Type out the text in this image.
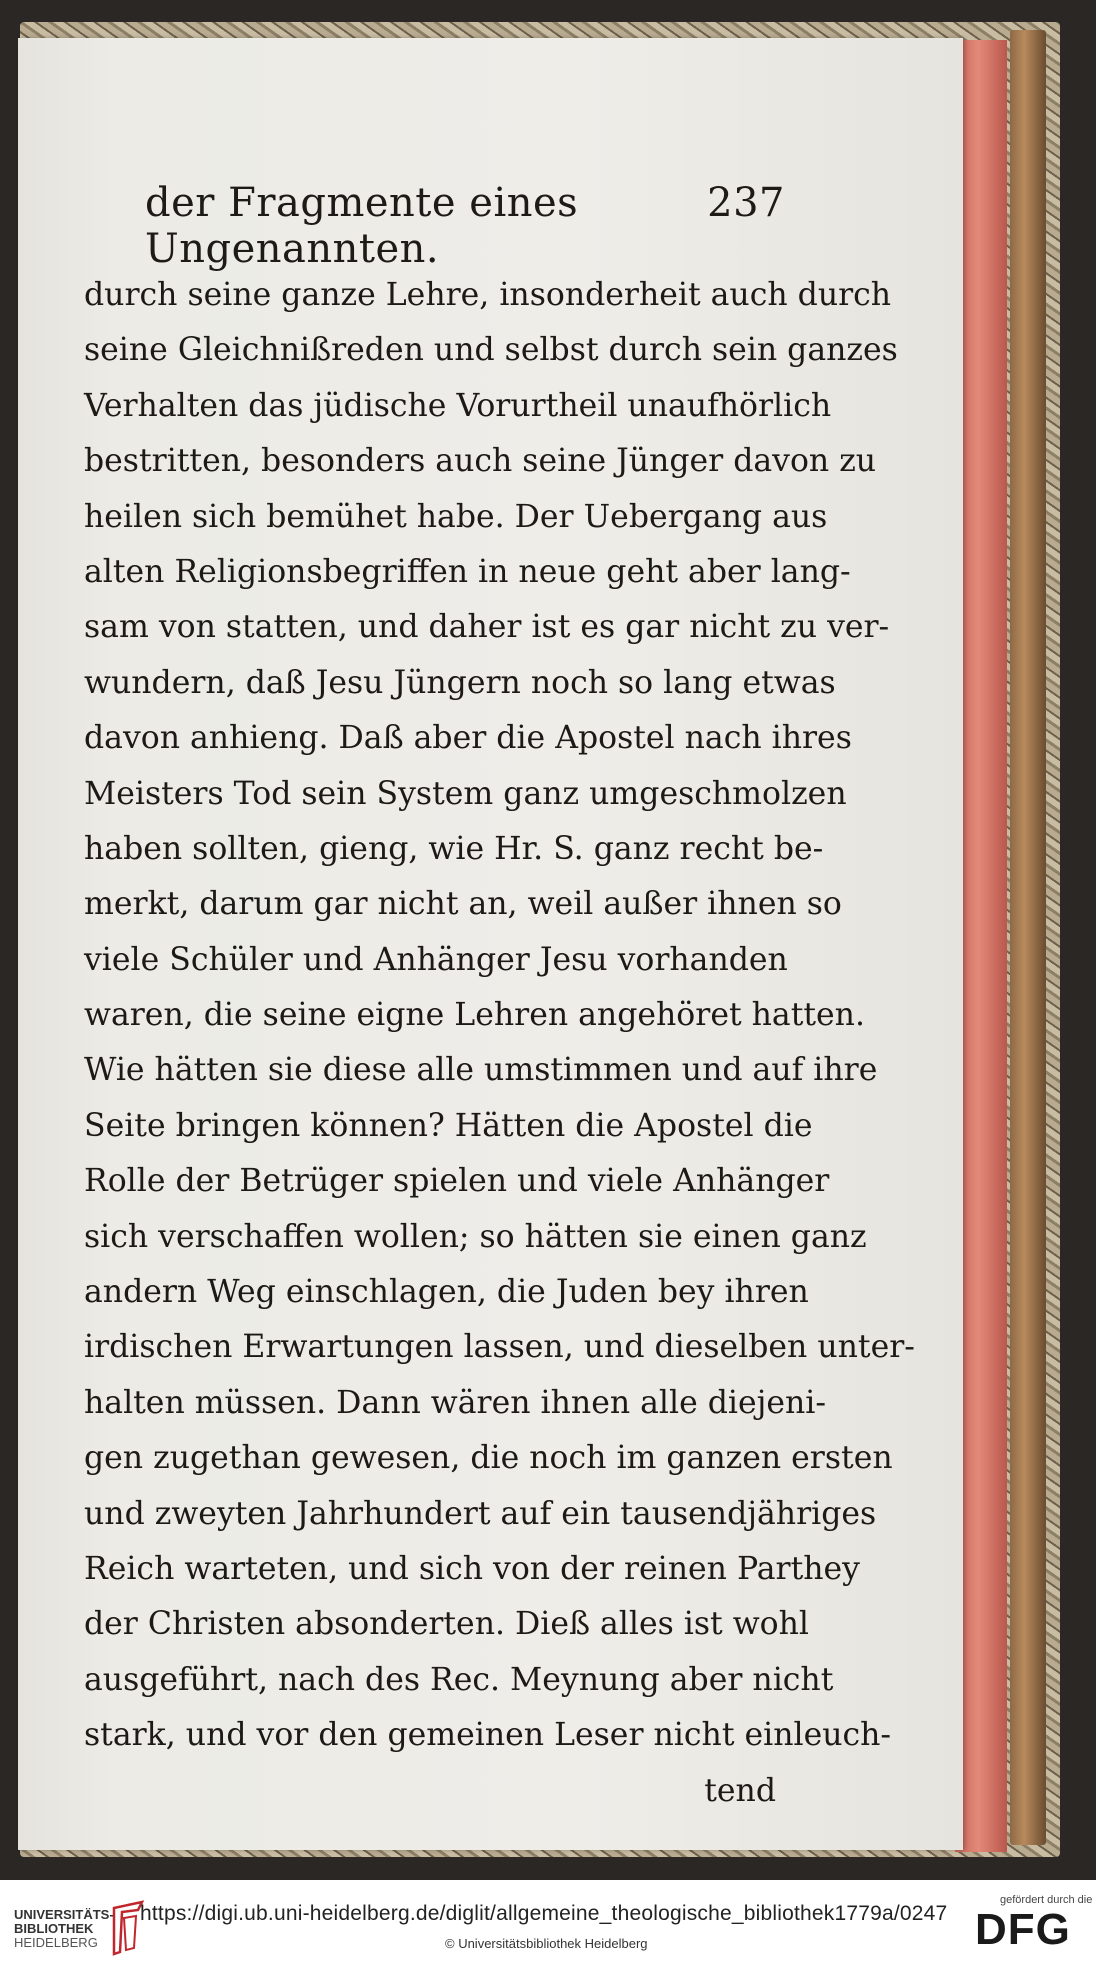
der Fragmente eines Ungenannten.
237
durch seine ganze Lehre, insonderheit auch durch
seine Gleichnißreden und selbst durch sein ganzes
Verhalten das jüdische Vorurtheil unaufhörlich
bestritten, besonders auch seine Jünger davon zu
heilen sich bemühet habe. Der Uebergang aus
alten Religionsbegriffen in neue geht aber lang-
sam von statten, und daher ist es gar nicht zu ver-
wundern, daß Jesu Jüngern noch so lang etwas
davon anhieng. Daß aber die Apostel nach ihres
Meisters Tod sein System ganz umgeschmolzen
haben sollten, gieng, wie Hr. S. ganz recht be-
merkt, darum gar nicht an, weil außer ihnen so
viele Schüler und Anhänger Jesu vorhanden
waren, die seine eigne Lehren angehöret hatten.
Wie hätten sie diese alle umstimmen und auf ihre
Seite bringen können? Hätten die Apostel die
Rolle der Betrüger spielen und viele Anhänger
sich verschaffen wollen; so hätten sie einen ganz
andern Weg einschlagen, die Juden bey ihren
irdischen Erwartungen lassen, und dieselben unter-
halten müssen. Dann wären ihnen alle diejeni-
gen zugethan gewesen, die noch im ganzen ersten
und zweyten Jahrhundert auf ein tausendjähriges
Reich warteten, und sich von der reinen Parthey
der Christen absonderten. Dieß alles ist wohl
ausgeführt, nach des Rec. Meynung aber nicht
stark, und vor den gemeinen Leser nicht einleuch-
tend
UNIVERSITÄTS-
BIBLIOTHEK
HEIDELBERG
https://digi.ub.uni-heidelberg.de/diglit/allgemeine_theologische_bibliothek1779a/0247
© Universitätsbibliothek Heidelberg
gefördert durch die
DFG
